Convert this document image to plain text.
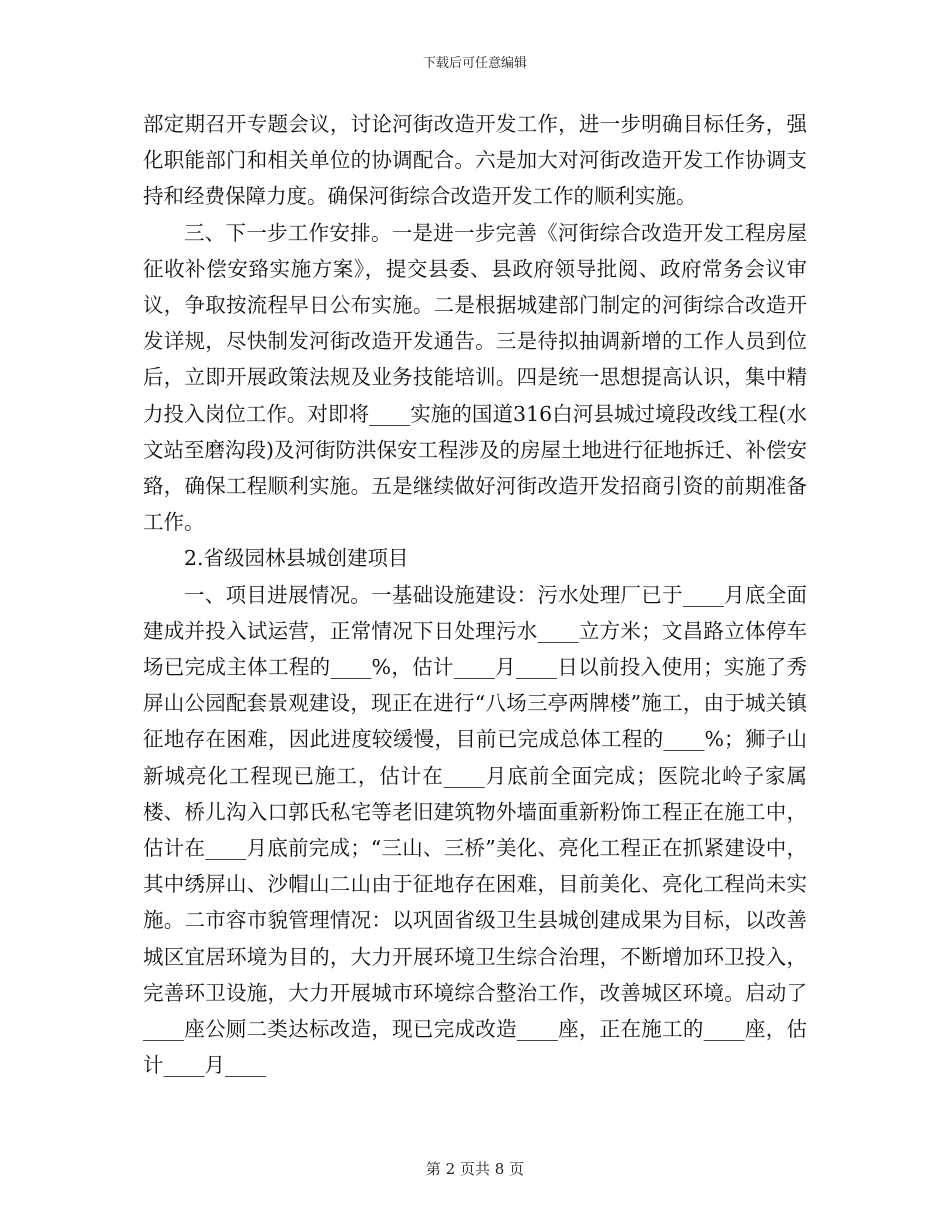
下载后可任意编辑

部定期召开专题会议，讨论河街改造开发工作，进一步明确目标任务，强化职能部门和相关单位的协调配合。六是加大对河街改造开发工作协调支持和经费保障力度。确保河街综合改造开发工作的顺利实施。

三、下一步工作安排。一是进一步完善《河街综合改造开发工程房屋征收补偿安臵实施方案》，提交县委、县政府领导批阅、政府常务会议审议，争取按流程早日公布实施。二是根据城建部门制定的河街综合改造开发详规，尽快制发河街改造开发通告。三是待拟抽调新增的工作人员到位后，立即开展政策法规及业务技能培训。四是统一思想提高认识，集中精力投入岗位工作。对即将____实施的国道316白河县城过境段改线工程(水文站至磨沟段)及河街防洪保安工程涉及的房屋土地进行征地拆迁、补偿安臵，确保工程顺利实施。五是继续做好河街改造开发招商引资的前期准备工作。

2.省级园林县城创建项目

一、项目进展情况。一基础设施建设：污水处理厂已于____月底全面建成并投入试运营，正常情况下日处理污水____立方米；文昌路立体停车场已完成主体工程的____%，估计____月____日以前投入使用；实施了秀屏山公园配套景观建设，现正在进行“八场三亭两牌楼”施工，由于城关镇征地存在困难，因此进度较缓慢，目前已完成总体工程的____%；狮子山新城亮化工程现已施工，估计在____月底前全面完成；医院北岭子家属楼、桥儿沟入口郭氏私宅等老旧建筑物外墙面重新粉饰工程正在施工中，估计在____月底前完成；“三山、三桥”美化、亮化工程正在抓紧建设中，其中绣屏山、沙帽山二山由于征地存在困难，目前美化、亮化工程尚未实施。二市容市貌管理情况：以巩固省级卫生县城创建成果为目标，以改善城区宜居环境为目的，大力开展环境卫生综合治理，不断增加环卫投入，完善环卫设施，大力开展城市环境综合整治工作，改善城区环境。启动了____座公厕二类达标改造，现已完成改造____座，正在施工的____座，估计____月____

第 2 页共 8 页
